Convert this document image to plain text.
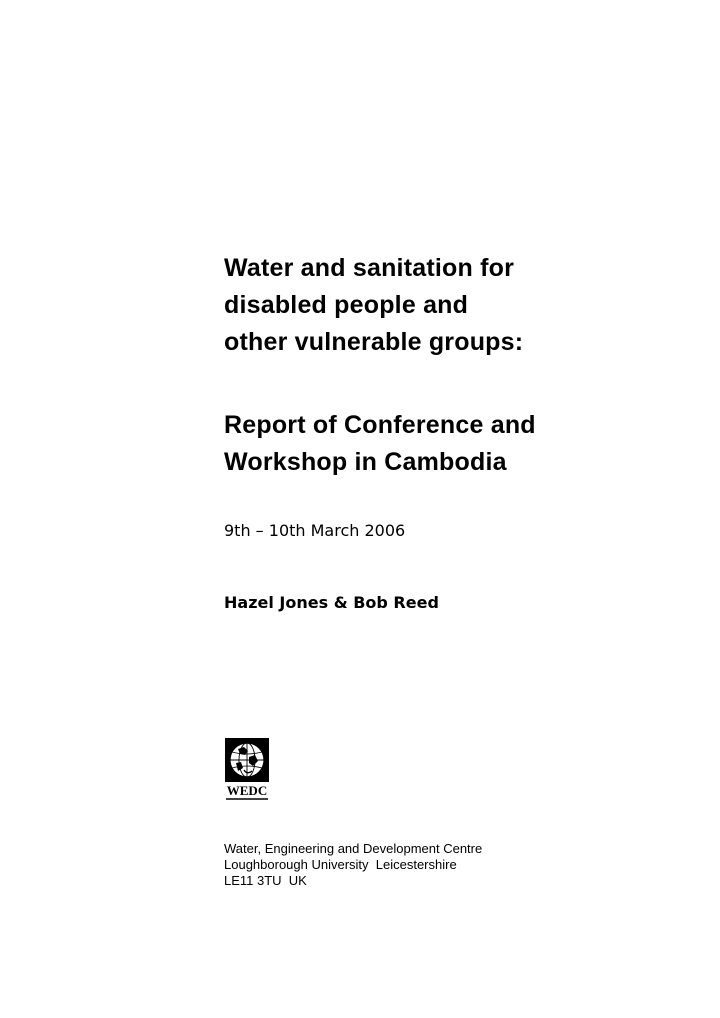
Water and sanitation for
disabled people and
other vulnerable groups:
Report of Conference and
Workshop in Cambodia
9th – 10th March 2006
Hazel Jones & Bob Reed
WEDC
Water, Engineering and Development Centre
Loughborough University  Leicestershire
LE11 3TU  UK
